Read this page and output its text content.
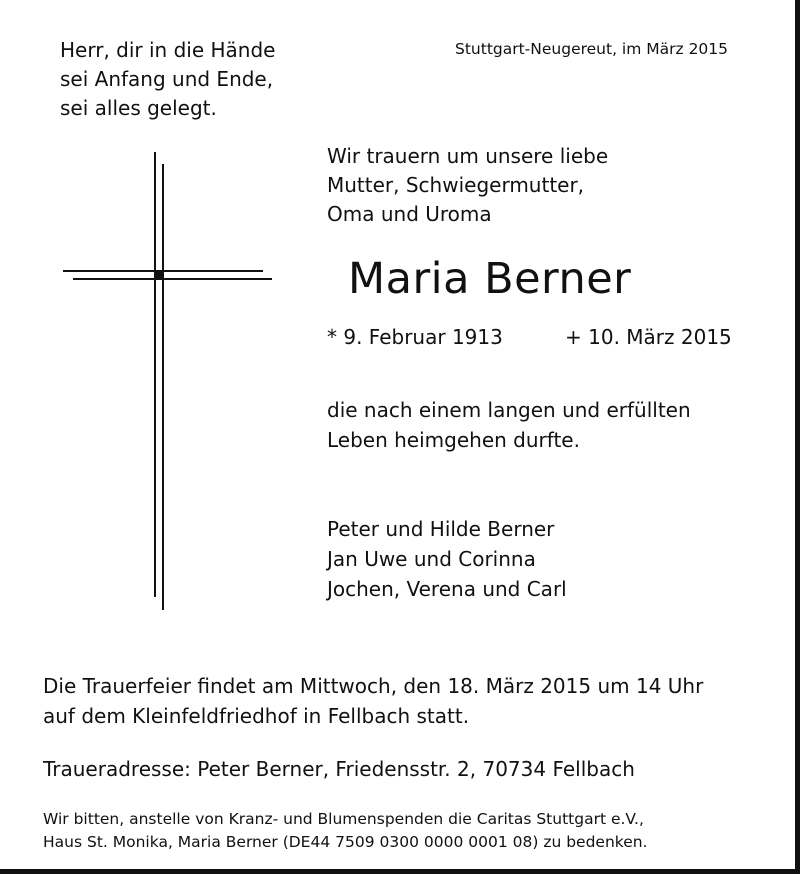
Herr, dir in die Hände
sei Anfang und Ende,
sei alles gelegt.
Stuttgart-Neugereut, im März 2015
Wir trauern um unsere liebe
Mutter, Schwiegermutter,
Oma und Uroma
Maria Berner
* 9. Februar 1913	+ 10. März 2015
die nach einem langen und erfüllten
Leben heimgehen durfte.
Peter und Hilde Berner
Jan Uwe und Corinna
Jochen, Verena und Carl
Die Trauerfeier findet am Mittwoch, den 18. März 2015 um 14 Uhr
auf dem Kleinfeldfriedhof in Fellbach statt.
Traueradresse: Peter Berner, Friedensstr. 2, 70734 Fellbach
Wir bitten, anstelle von Kranz- und Blumenspenden die Caritas Stuttgart e.V.,
Haus St. Monika, Maria Berner (DE44 7509 0300 0000 0001 08) zu bedenken.
